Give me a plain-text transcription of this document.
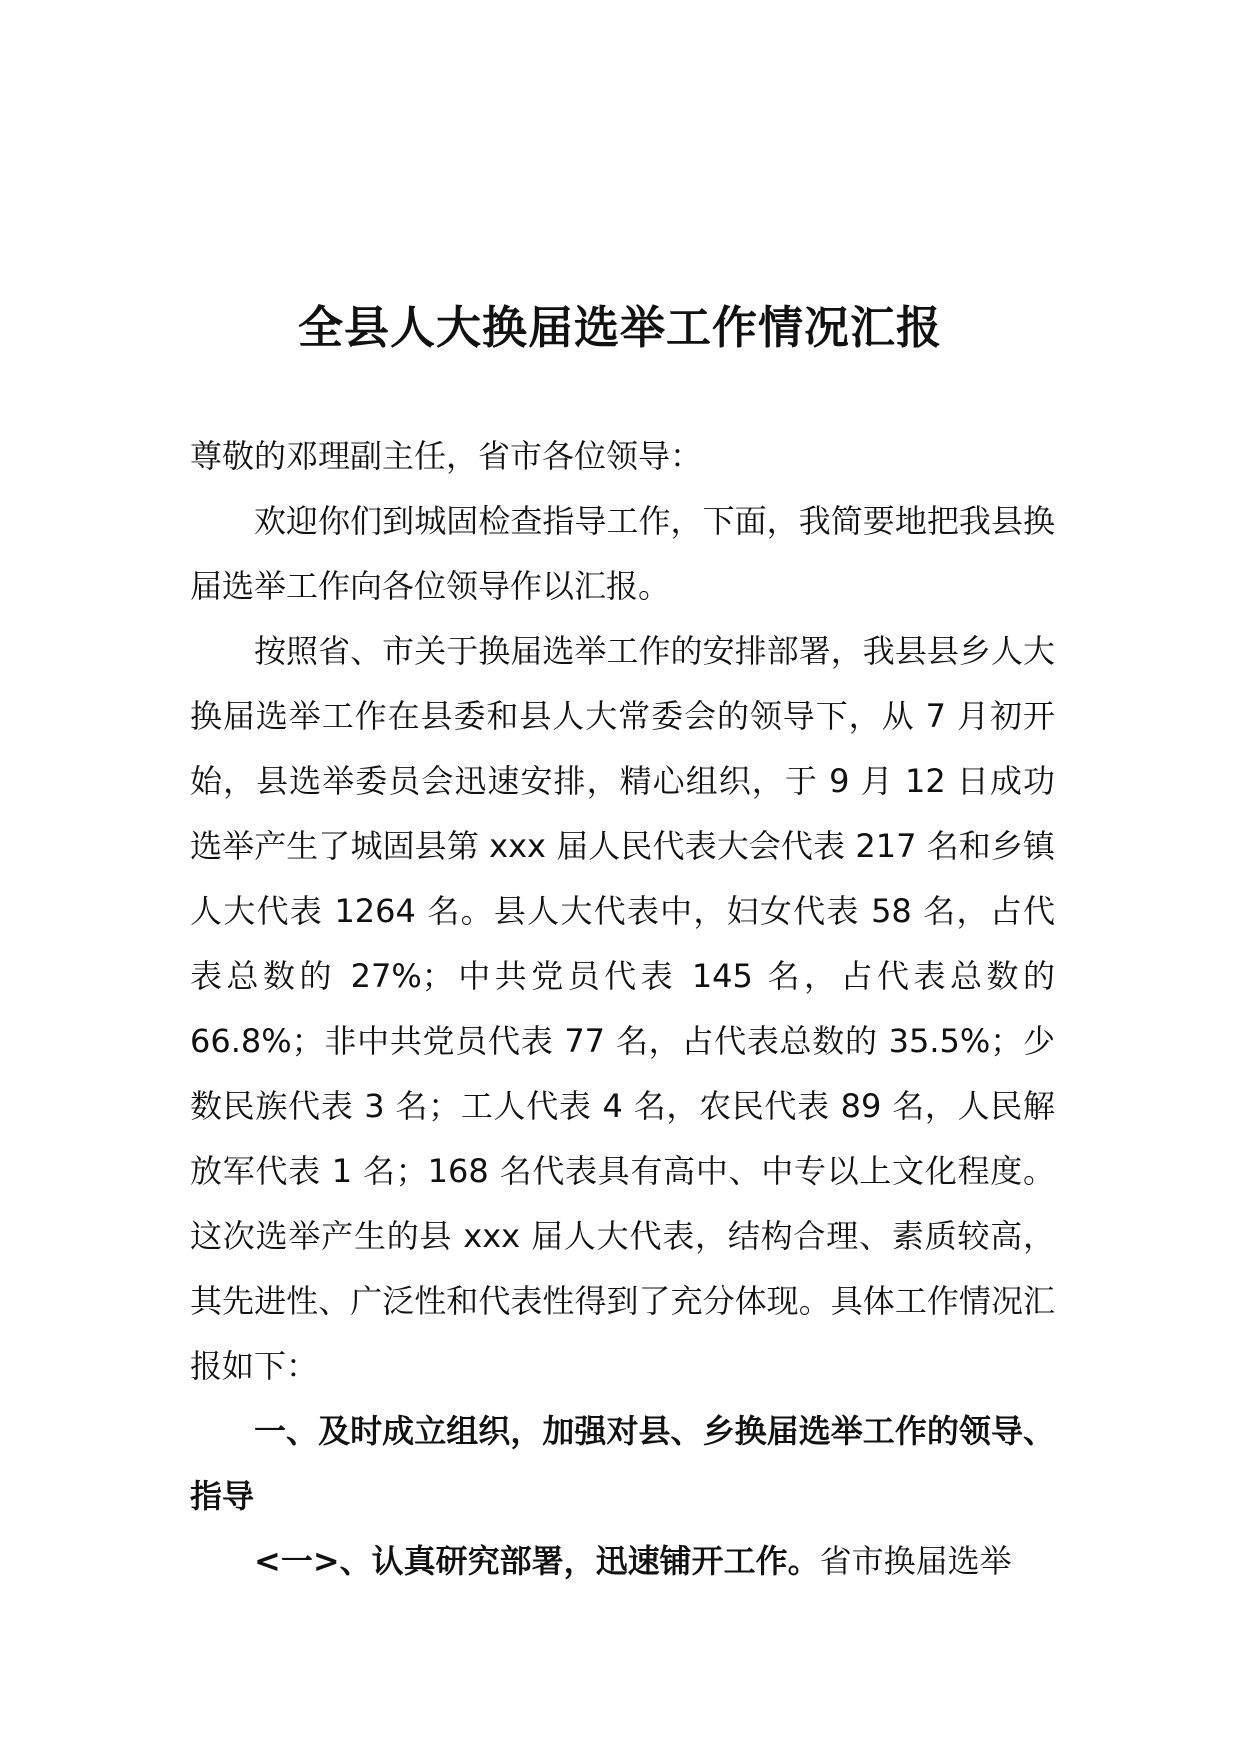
全县人大换届选举工作情况汇报

尊敬的邓理副主任，省市各位领导：

欢迎你们到城固检查指导工作，下面，我简要地把我县换届选举工作向各位领导作以汇报。

按照省、市关于换届选举工作的安排部署，我县县乡人大换届选举工作在县委和县人大常委会的领导下，从 7 月初开始，县选举委员会迅速安排，精心组织，于 9 月 12 日成功选举产生了城固县第 xxx 届人民代表大会代表 217 名和乡镇人大代表 1264 名。县人大代表中，妇女代表 58 名，占代表总数的 27%；中共党员代表 145 名，占代表总数的 66.8%；非中共党员代表 77 名，占代表总数的 35.5%；少数民族代表 3 名；工人代表 4 名，农民代表 89 名，人民解放军代表 1 名；168 名代表具有高中、中专以上文化程度。这次选举产生的县 xxx 届人大代表，结构合理、素质较高，其先进性、广泛性和代表性得到了充分体现。具体工作情况汇报如下：

一、及时成立组织，加强对县、乡换届选举工作的领导、指导

<一>、认真研究部署，迅速铺开工作。省市换届选举
